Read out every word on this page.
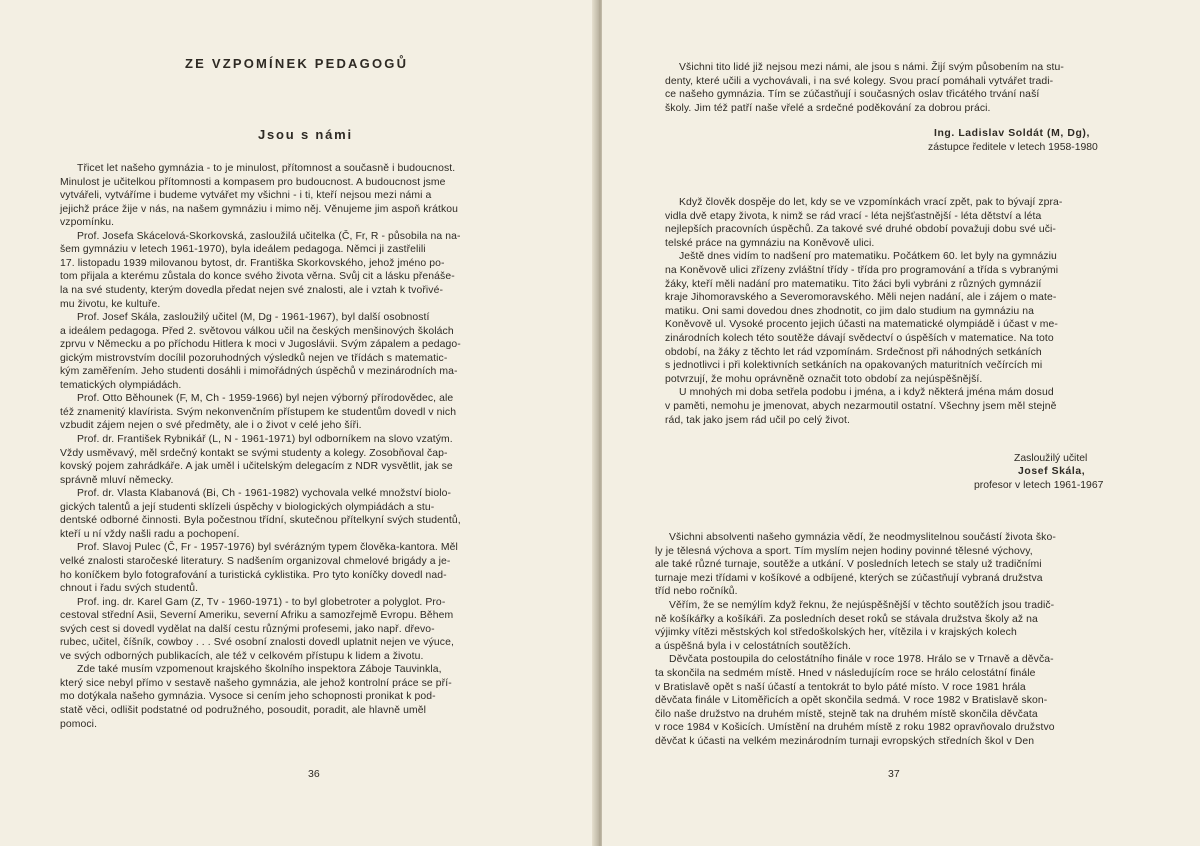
ZE VZPOMÍNEK PEDAGOGŮ
Jsou s námi
Třicet let našeho gymnázia - to je minulost, přítomnost a současně i budoucnost.
Minulost je učitelkou přítomnosti a kompasem pro budoucnost. A budoucnost jsme
vytvářeli, vytváříme i budeme vytvářet my všichni - i ti, kteří nejsou mezi námi a
jejichž práce žije v nás, na našem gymnáziu i mimo něj. Věnujeme jim aspoň krátkou
vzpomínku.
Prof. Josefa Skácelová-Skorkovská, zasloužilá učitelka (Č, Fr, R - působila na na-
šem gymnáziu v letech 1961-1970), byla ideálem pedagoga. Němci ji zastřelili
17. listopadu 1939 milovanou bytost, dr. Františka Skorkovského, jehož jméno po-
tom přijala a kterému zůstala do konce svého života věrna. Svůj cit a lásku přenáše-
la na své studenty, kterým dovedla předat nejen své znalosti, ale i vztah k tvořivé-
mu životu, ke kultuře.
Prof. Josef Skála, zasloužilý učitel (M, Dg - 1961-1967), byl další osobností
a ideálem pedagoga. Před 2. světovou válkou učil na českých menšinových školách
zprvu v Německu a po příchodu Hitlera k moci v Jugoslávii. Svým zápalem a pedago-
gickým mistrovstvím docílil pozoruhodných výsledků nejen ve třídách s matematic-
kým zaměřením. Jeho studenti dosáhli i mimořádných úspěchů v mezinárodních ma-
tematických olympiádách.
Prof. Otto Běhounek (F, M, Ch - 1959-1966) byl nejen výborný přírodovědec, ale
též znamenitý klavírista. Svým nekonvenčním přístupem ke studentům dovedl v nich
vzbudit zájem nejen o své předměty, ale i o život v celé jeho šíři.
Prof. dr. František Rybnikář (L, N - 1961-1971) byl odborníkem na slovo vzatým.
Vždy usměvavý, měl srdečný kontakt se svými studenty a kolegy. Zosobňoval čap-
kovský pojem zahrádkáře. A jak uměl i učitelským delegacím z NDR vysvětlit, jak se
správně mluví německy.
Prof. dr. Vlasta Klabanová (Bi, Ch - 1961-1982) vychovala velké množství biolo-
gických talentů a její studenti sklízeli úspěchy v biologických olympiádách a stu-
dentské odborné činnosti. Byla počestnou třídní, skutečnou přítelkyní svých studentů,
kteří u ní vždy našli radu a pochopení.
Prof. Slavoj Pulec (Č, Fr - 1957-1976) byl svérázným typem člověka-kantora. Měl
velké znalosti staročeské literatury. S nadšením organizoval chmelové brigády a je-
ho koníčkem bylo fotografování a turistická cyklistika. Pro tyto koníčky dovedl nad-
chnout i řadu svých studentů.
Prof. ing. dr. Karel Gam (Z, Tv - 1960-1971) - to byl globetroter a polyglot. Pro-
cestoval střední Asii, Severní Ameriku, severní Afriku a samozřejmě Evropu. Během
svých cest si dovedl vydělat na další cestu různými profesemi, jako např. dřevo-
rubec, učitel, číšník, cowboy . . . Své osobní znalosti dovedl uplatnit nejen ve výuce,
ve svých odborných publikacích, ale též v celkovém přístupu k lidem a životu.
Zde také musím vzpomenout krajského školního inspektora Záboje Tauvinkla,
který sice nebyl přímo v sestavě našeho gymnázia, ale jehož kontrolní práce se pří-
mo dotýkala našeho gymnázia. Vysoce si cením jeho schopnosti pronikat k pod-
statě věci, odlišit podstatné od podružného, posoudit, poradit, ale hlavně uměl
pomoci.
36
Všichni tito lidé již nejsou mezi námi, ale jsou s námi. Žijí svým působením na stu-
denty, které učili a vychovávali, i na své kolegy. Svou prací pomáhali vytvářet tradi-
ce našeho gymnázia. Tím se zúčastňují i současných oslav třicátého trvání naší
školy. Jim též patří naše vřelé a srdečné poděkování za dobrou práci.
Ing. Ladislav Soldát (M, Dg),
zástupce ředitele v letech 1958-1980
Když člověk dospěje do let, kdy se ve vzpomínkách vrací zpět, pak to bývají zpra-
vidla dvě etapy života, k nimž se rád vrací - léta nejšťastnější - léta dětství a léta
nejlepších pracovních úspěchů. Za takové své druhé období považuji dobu své uči-
telské práce na gymnáziu na Koněvově ulici.
Ještě dnes vidím to nadšení pro matematiku. Počátkem 60. let byly na gymnáziu
na Koněvově ulici zřízeny zvláštní třídy - třída pro programování a třída s vybranými
žáky, kteří měli nadání pro matematiku. Tito žáci byli vybráni z různých gymnázií
kraje Jihomoravského a Severomoravského. Měli nejen nadání, ale i zájem o mate-
matiku. Oni sami dovedou dnes zhodnotit, co jim dalo studium na gymnáziu na
Koněvově ul. Vysoké procento jejich účasti na matematické olympiádě i účast v me-
zinárodních kolech této soutěže dávají svědectví o úspěších v matematice. Na toto
období, na žáky z těchto let rád vzpomínám. Srdečnost při náhodných setkáních
s jednotlivci i při kolektivních setkáních na opakovaných maturitních večírcích mi
potvrzují, že mohu oprávněně označit toto období za nejúspěšnější.
U mnohých mi doba setřela podobu i jména, a i když některá jména mám dosud
v paměti, nemohu je jmenovat, abych nezarmoutil ostatní. Všechny jsem měl stejně
rád, tak jako jsem rád učil po celý život.
Zasloužilý učitel
Josef Skála,
profesor v letech 1961-1967
Všichni absolventi našeho gymnázia vědí, že neodmyslitelnou součástí života ško-
ly je tělesná výchova a sport. Tím myslím nejen hodiny povinné tělesné výchovy,
ale také různé turnaje, soutěže a utkání. V posledních letech se staly už tradičními
turnaje mezi třídami v košíkové a odbíjené, kterých se zúčastňují vybraná družstva
tříd nebo ročníků.
Věřím, že se nemýlím když řeknu, že nejúspěšnější v těchto soutěžích jsou tradič-
ně košíkářky a košíkáři. Za posledních deset roků se stávala družstva školy až na
výjimky vítězi městských kol středoškolských her, vítězila i v krajských kolech
a úspěšná byla i v celostátních soutěžích.
Děvčata postoupila do celostátního finále v roce 1978. Hrálo se v Trnavě a děvča-
ta skončila na sedmém místě. Hned v následujícím roce se hrálo celostátní finále
v Bratislavě opět s naší účastí a tentokrát to bylo páté místo. V roce 1981 hrála
děvčata finále v Litoměřicích a opět skončila sedmá. V roce 1982 v Bratislavě skon-
čilo naše družstvo na druhém místě, stejně tak na druhém místě skončila děvčata
v roce 1984 v Košicích. Umístění na druhém místě z roku 1982 opravňovalo družstvo
děvčat k účasti na velkém mezinárodním turnaji evropských středních škol v Den
37
